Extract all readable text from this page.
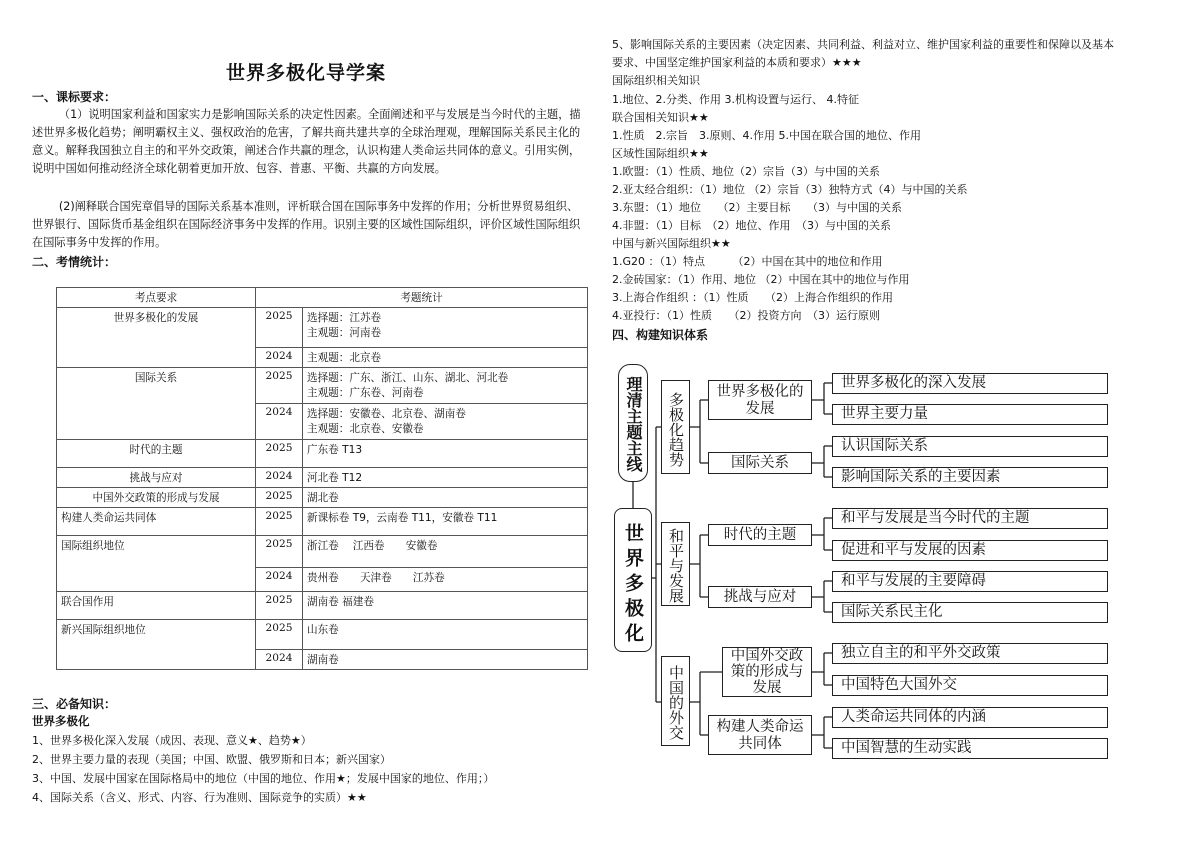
世界多极化导学案
一、课标要求：
（1）说明国家利益和国家实力是影响国际关系的决定性因素。全面阐述和平与发展是当今时代的主题，描述世界多极化趋势；阐明霸权主义、强权政治的危害，了解共商共建共享的全球治理观，理解国际关系民主化的意义。解释我国独立自主的和平外交政策，阐述合作共赢的理念，认识构建人类命运共同体的意义。引用实例，说明中国如何推动经济全球化朝着更加开放、包容、普惠、平衡、共赢的方向发展。
(2)阐释联合国宪章倡导的国际关系基本准则，评析联合国在国际事务中发挥的作用；分析世界贸易组织、世界银行、国际货币基金组织在国际经济事务中发挥的作用。识别主要的区域性国际组织，评价区域性国际组织在国际事务中发挥的作用。
二、考情统计：
考点要求	考题统计	
世界多极化的发展	2025	选择题：江苏卷
主观题：河南卷

	2024	主观题：北京卷

国际关系	2025	选择题：广东、浙江、山东、湖北、河北卷
主观题：广东卷、河南卷

	2024	选择题：安徽卷、北京卷、湖南卷
主观题：北京卷、安徽卷

时代的主题	2025	广东卷 T13

挑战与应对	2024	河北卷 T12

中国外交政策的形成与发展	2025	湖北卷

构建人类命运共同体	2025	新课标卷 T9，云南卷 T11，安徽卷 T11

国际组织地位	2025	浙江卷　 江西卷　　安徽卷

	2024	贵州卷　　天津卷　　江苏卷

联合国作用	2025	湖南卷 福建卷

新兴国际组织地位	2025	山东卷

	2024	湖南卷
三、必备知识：
世界多极化
1、世界多极化深入发展（成因、表现、意义★、趋势★）
2、世界主要力量的表现（美国；中国、欧盟、俄罗斯和日本；新兴国家）
3、中国、发展中国家在国际格局中的地位（中国的地位、作用★；发展中国家的地位、作用；）
4、国际关系（含义、形式、内容、行为准则、国际竞争的实质）★★
5、影响国际关系的主要因素（决定因素、共同利益、利益对立、维护国家利益的重要性和保障以及基本
要求、中国坚定维护国家利益的本质和要求）★★★
国际组织相关知识
1.地位、2.分类、作用 3.机构设置与运行、 4.特征
联合国相关知识★★
1.性质　2.宗旨　3.原则、4.作用 5.中国在联合国的地位、作用
区域性国际组织★★
1.欧盟：（1）性质、地位（2）宗旨（3）与中国的关系
2.亚太经合组织：（1）地位 （2）宗旨（3）独特方式（4）与中国的关系
3.东盟：（1）地位　　（2）主要目标　　（3）与中国的关系
4.非盟：（1）目标　（2）地位、作用　（3）与中国的关系
中国与新兴国际组织★★
1.G20 ：（1）特点　　　（2）中国在其中的地位和作用
2.金砖国家：（1）作用、地位 （2）中国在其中的地位与作用
3.上海合作组织 ：（1）性质　　（2）上海合作组织的作用
4.亚投行：（1）性质　　（2）投资方向　（3）运行原则
四、构建知识体系
理清主题主线
世界多极化
多极化趋势
和平与发展
中国的外交
世界多极化的发展
国际关系
时代的主题
挑战与应对
中国外交政策的形成与发展
构建人类命运共同体
世界多极化的深入发展
世界主要力量
认识国际关系
影响国际关系的主要因素
和平与发展是当今时代的主题
促进和平与发展的因素
和平与发展的主要障碍
国际关系民主化
独立自主的和平外交政策
中国特色大国外交
人类命运共同体的内涵
中国智慧的生动实践
